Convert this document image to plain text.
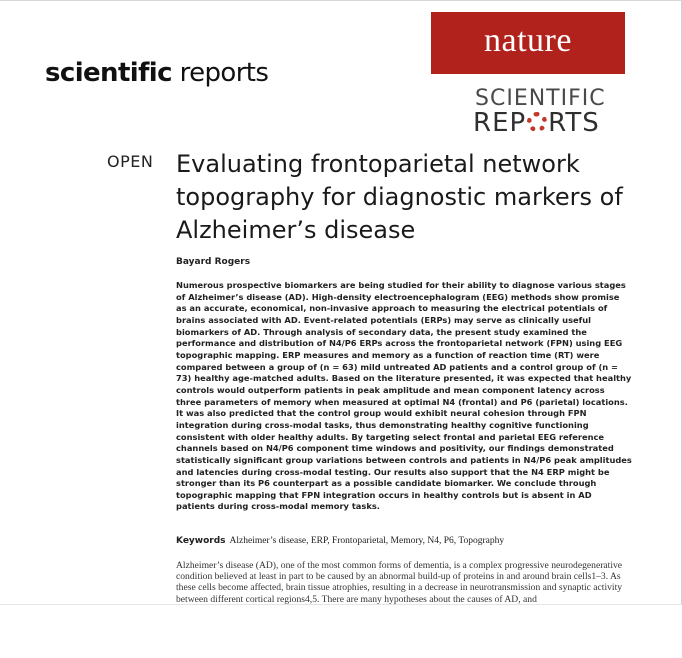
scientific reports
nature
SCIENTIFIC
REP RTS
OPEN Evaluating frontoparietal network topography for diagnostic markers of Alzheimer’s disease
Bayard Rogers

Numerous prospective biomarkers are being studied for their ability to diagnose various stages of Alzheimer’s disease (AD). High-density electroencephalogram (EEG) methods show promise as an accurate, economical, non-invasive approach to measuring the electrical potentials of brains associated with AD. Event-related potentials (ERPs) may serve as clinically useful biomarkers of AD. Through analysis of secondary data, the present study examined the performance and distribution of N4/P6 ERPs across the frontoparietal network (FPN) using EEG topographic mapping. ERP measures and memory as a function of reaction time (RT) were compared between a group of (n = 63) mild untreated AD patients and a control group of (n = 73) healthy age-matched adults. Based on the literature presented, it was expected that healthy controls would outperform patients in peak amplitude and mean component latency across three parameters of memory when measured at optimal N4 (frontal) and P6 (parietal) locations. It was also predicted that the control group would exhibit neural cohesion through FPN integration during cross-modal tasks, thus demonstrating healthy cognitive functioning consistent with older healthy adults. By targeting select frontal and parietal EEG reference channels based on N4/P6 component time windows and positivity, our findings demonstrated statistically significant group variations between controls and patients in N4/P6 peak amplitudes and latencies during cross-modal testing. Our results also support that the N4 ERP might be stronger than its P6 counterpart as a possible candidate biomarker. We conclude through topographic mapping that FPN integration occurs in healthy controls but is absent in AD patients during cross-modal memory tasks.

Keywords Alzheimer’s disease, ERP, Frontoparietal, Memory, N4, P6, Topography

Alzheimer’s disease (AD), one of the most common forms of dementia, is a complex progressive neurodegenerative condition believed at least in part to be caused by an abnormal build-up of proteins in and around brain cells1–3. As these cells become affected, brain tissue atrophies, resulting in a decrease in neurotransmission and synaptic activity between different cortical regions4,5. There are many hypotheses about the causes of AD, and
